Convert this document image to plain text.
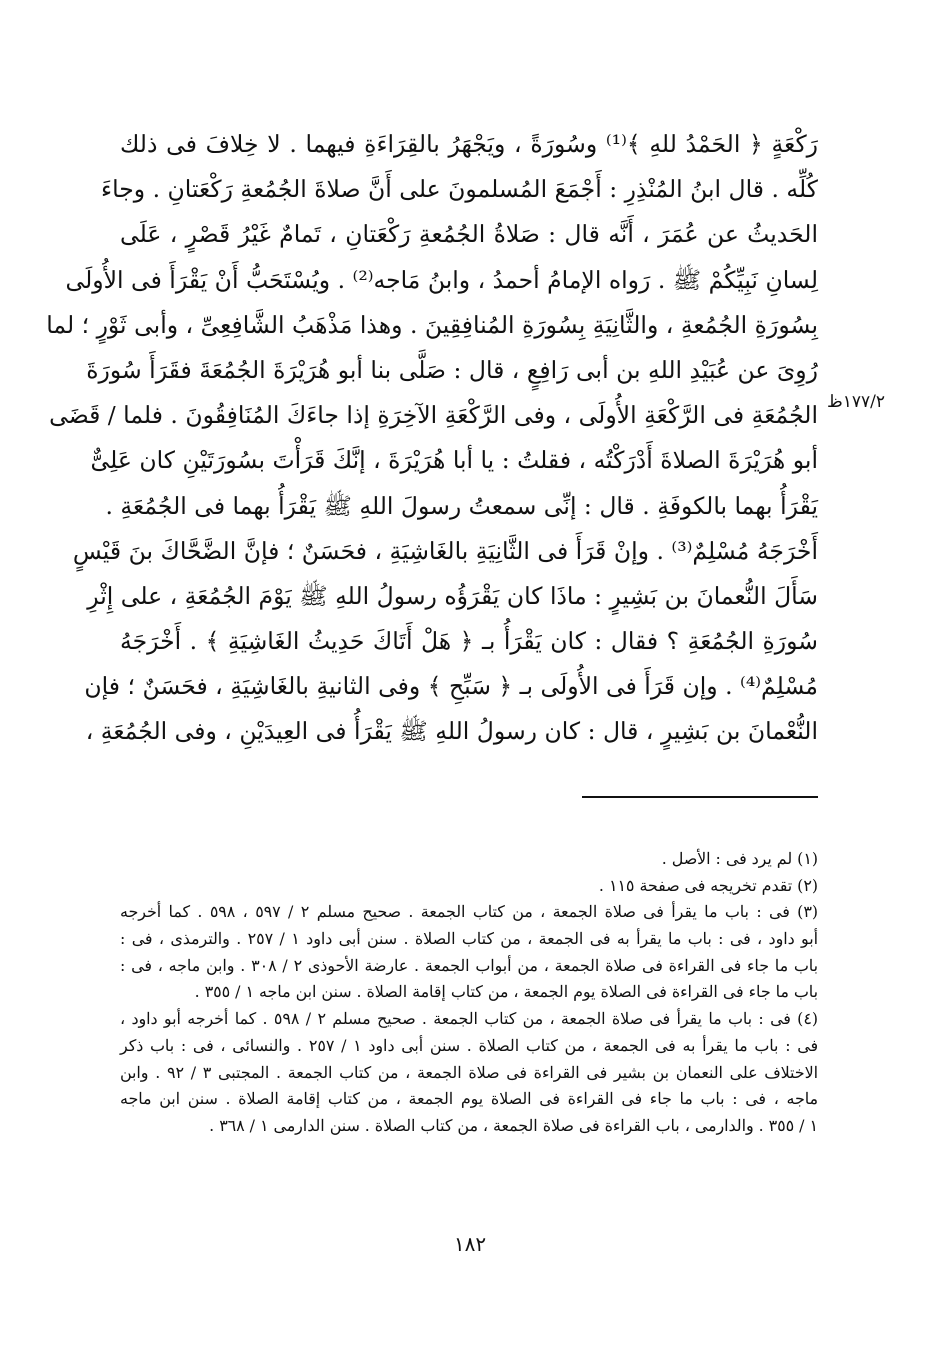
رَكْعَةٍ ﴿ الحَمْدُ للهِ ﴾⁽¹⁾ وسُورَةً ، ويَجْهَرُ بالقِرَاءَةِ فيهما . لا خِلافَ فى ذلك
كُلِّه . قال ابنُ المُنْذِرِ : أَجْمَعَ المُسلمونَ على أَنَّ صلاةَ الجُمُعةِ رَكْعَتانِ . وجاءَ
الحَديثُ عن عُمَرَ ، أَنَّه قال : صَلاةُ الجُمُعةِ رَكْعَتانِ ، تَمامٌ غَيْرُ قَصْرٍ ، عَلَى
لِسانِ نَبِيِّكُمْ ﷺ . رَواه الإمامُ أحمدُ ، وابنُ مَاجه⁽²⁾ . ويُسْتَحَبُّ أَنْ يَقْرَأَ فى الأُولَى
بِسُورَةِ الجُمُعةِ ، والثَّانِيَةِ بِسُورَةِ المُنافِقِينَ . وهذا مَذْهَبُ الشَّافِعِىِّ ، وأبى ثَوْرٍ ؛ لما
رُوِىَ عن عُبَيْدِ اللهِ بن أبى رَافِعٍ ، قال : صَلَّى بنا أبو هُرَيْرَةَ الجُمُعَةَ فقَرَأَ سُورَةَ
الجُمُعَةِ فى الرَّكْعَةِ الأُولَى ، وفى الرَّكْعَةِ الآخِرَةِ إذا جاءَكَ المُنَافِقُونَ . فلما / قَضَى
أبو هُرَيْرَةَ الصلاةَ أَدْرَكْتُه ، فقلتُ : يا أبا هُرَيْرَةَ ، إنَّكَ قَرَأْتَ بسُورَتَيْنِ كان عَلِىٌّ
يَقْرَأُ بهما بالكوفَةِ . قال : إنِّى سمعتُ رسولَ اللهِ ﷺ يَقْرَأُ بهما فى الجُمُعَةِ .
أَخْرَجَهُ مُسْلِمٌ⁽³⁾ . وإنْ قَرَأَ فى الثَّانِيَةِ بالغَاشِيَةِ ، فحَسَنٌ ؛ فإنَّ الضَّحَّاكَ بنَ قَيْسٍ
سَأَلَ النُّعمانَ بن بَشِيرٍ : ماذَا كان يَقْرَؤُه رسولُ اللهِ ﷺ يَوْمَ الجُمُعَةِ ، على إِثْرِ
سُورَةِ الجُمُعَةِ ؟ فقال : كان يَقْرَأُ بـ ﴿ هَلْ أَتَاكَ حَدِيثُ الغَاشِيَةِ ﴾ . أَخْرَجَهُ
مُسْلِمٌ⁽⁴⁾ . وإن قَرَأَ فى الأُولَى بـ ﴿ سَبِّحِ ﴾ وفى الثانيةِ بالغَاشِيَةِ ، فحَسَنٌ ؛ فإن
النُّعْمانَ بن بَشِيرٍ ، قال : كان رسولُ اللهِ ﷺ يَقْرَأُ فى العِيدَيْنِ ، وفى الجُمُعَةِ ،
١٧٧/٢ظ
(١) لم يرد فى : الأصل .
(٢) تقدم تخريجه فى صفحة ١١٥ .
(٣) فى : باب ما يقرأ فى صلاة الجمعة ، من كتاب الجمعة . صحيح مسلم ٢ / ٥٩٧ ، ٥٩٨ . كما أخرجه
أبو داود ، فى : باب ما يقرأ به فى الجمعة ، من كتاب الصلاة . سنن أبى داود ١ / ٢٥٧ . والترمذى ، فى :
باب ما جاء فى القراءة فى صلاة الجمعة ، من أبواب الجمعة . عارضة الأحوذى ٢ / ٣٠٨ . وابن ماجه ، فى :
باب ما جاء فى القراءة فى الصلاة يوم الجمعة ، من كتاب إقامة الصلاة . سنن ابن ماجه ١ / ٣٥٥ .
(٤) فى : باب ما يقرأ فى صلاة الجمعة ، من كتاب الجمعة . صحيح مسلم ٢ / ٥٩٨ . كما أخرجه أبو داود ،
فى : باب ما يقرأ به فى الجمعة ، من كتاب الصلاة . سنن أبى داود ١ / ٢٥٧ . والنسائى ، فى : باب ذكر
الاختلاف على النعمان بن بشير فى القراءة فى صلاة الجمعة ، من كتاب الجمعة . المجتبى ٣ / ٩٢ . وابن
ماجه ، فى : باب ما جاء فى القراءة فى الصلاة يوم الجمعة ، من كتاب إقامة الصلاة . سنن ابن ماجه
١ / ٣٥٥ . والدارمى ، باب القراءة فى صلاة الجمعة ، من كتاب الصلاة . سنن الدارمى ١ / ٣٦٨ .
١٨٢
